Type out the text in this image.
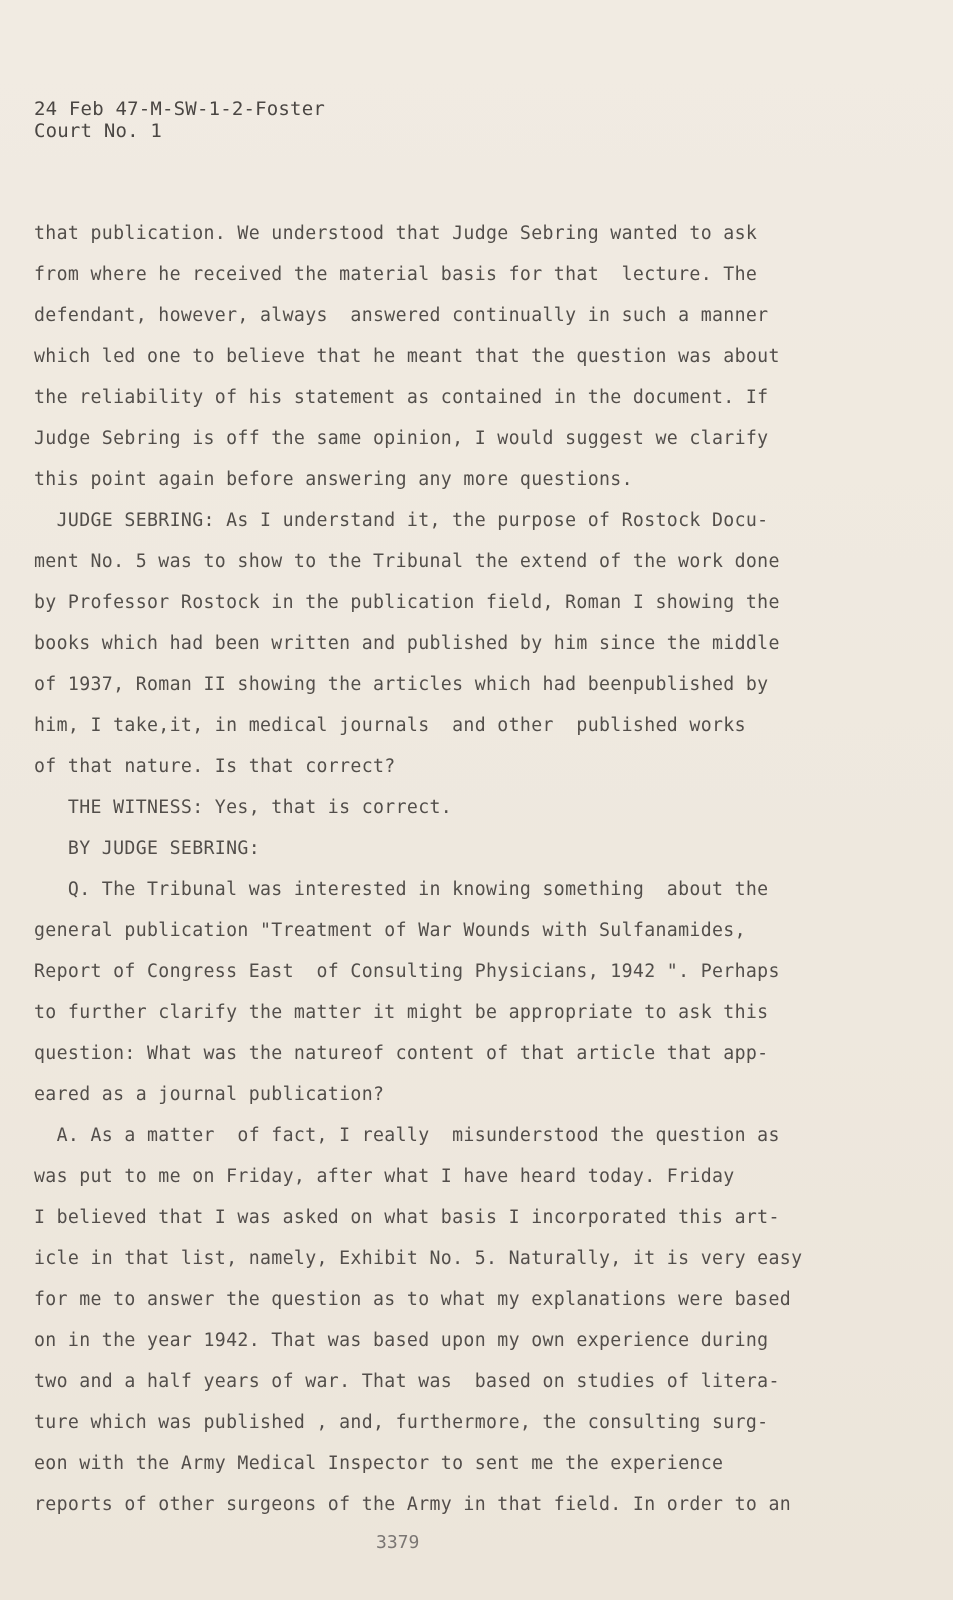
24 Feb 47-M-SW-1-2-Foster
Court No. 1
that publication. We understood that Judge Sebring wanted to ask
from where he received the material basis for that  lecture. The
defendant, however, always  answered continually in such a manner
which led one to believe that he meant that the question was about
the reliability of his statement as contained in the document. If
Judge Sebring is off the same opinion, I would suggest we clarify
this point again before answering any more questions.
JUDGE SEBRING: As I understand it, the purpose of Rostock Docu-
ment No. 5 was to show to the Tribunal the extend of the work done
by Professor Rostock in the publication field, Roman I showing the
books which had been written and published by him since the middle
of 1937, Roman II showing the articles which had beenpublished by
him, I take,it, in medical journals  and other  published works
of that nature. Is that correct?
THE WITNESS: Yes, that is correct.
BY JUDGE SEBRING:
Q. The Tribunal was interested in knowing something  about the
general publication "Treatment of War Wounds with Sulfanamides,
Report of Congress East  of Consulting Physicians, 1942 ". Perhaps
to further clarify the matter it might be appropriate to ask this
question: What was the natureof content of that article that app-
eared as a journal publication?
A. As a matter  of fact, I really  misunderstood the question as
was put to me on Friday, after what I have heard today. Friday
I believed that I was asked on what basis I incorporated this art-
icle in that list, namely, Exhibit No. 5. Naturally, it is very easy
for me to answer the question as to what my explanations were based
on in the year 1942. That was based upon my own experience during
two and a half years of war. That was  based on studies of litera-
ture which was published , and, furthermore, the consulting surg-
eon with the Army Medical Inspector to sent me the experience
reports of other surgeons of the Army in that field. In order to an
3379
